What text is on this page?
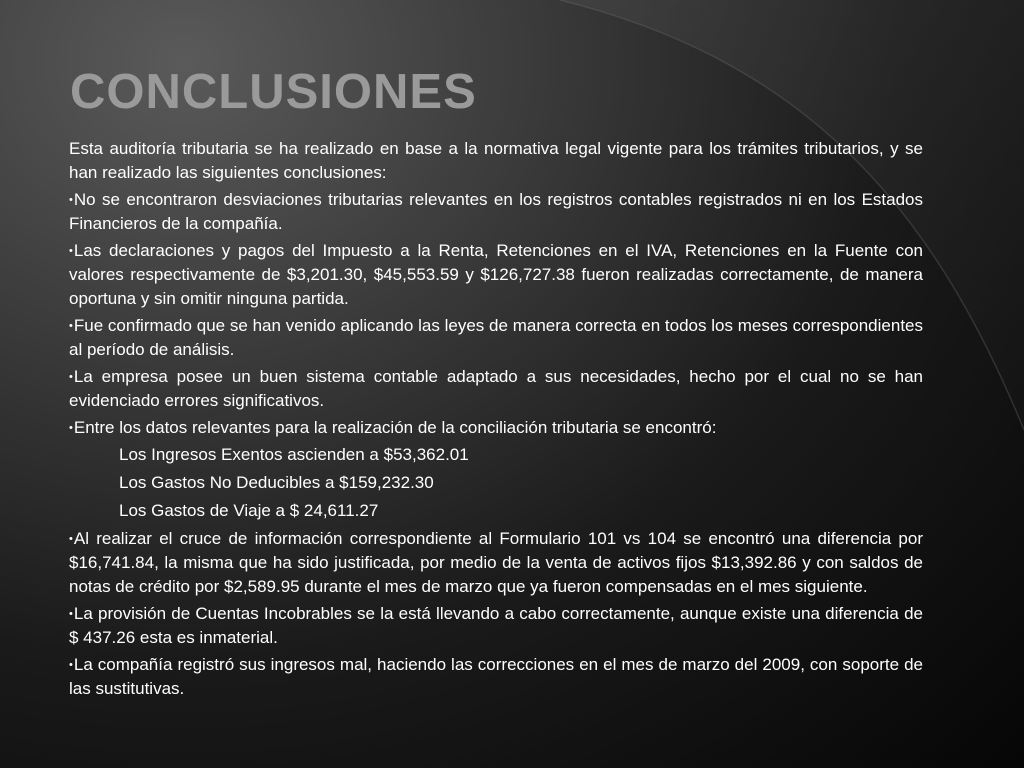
CONCLUSIONES

Esta auditoría tributaria se ha realizado en base a la normativa legal vigente para los trámites tributarios, y se han realizado las siguientes conclusiones:

• No se encontraron desviaciones tributarias relevantes en los registros contables registrados ni en los Estados Financieros de la compañía.

• Las declaraciones y pagos del Impuesto a la Renta, Retenciones en el IVA, Retenciones en la Fuente con valores respectivamente de $3,201.30, $45,553.59 y $126,727.38 fueron realizadas correctamente, de manera oportuna y sin omitir ninguna partida.

• Fue confirmado que se han venido aplicando las leyes de manera correcta en todos los meses correspondientes al período de análisis.

• La empresa posee un buen sistema contable adaptado a sus necesidades, hecho por el cual no se han evidenciado errores significativos.

• Entre los datos relevantes para la realización de la conciliación tributaria se encontró:

Los Ingresos Exentos ascienden a $53,362.01

Los Gastos No Deducibles a $159,232.30

Los Gastos de Viaje a $ 24,611.27

• Al realizar el cruce de información correspondiente al Formulario 101 vs 104 se encontró una diferencia por $16,741.84, la misma que ha sido justificada, por medio de la venta de activos fijos $13,392.86 y con saldos de notas de crédito por $2,589.95 durante el mes de marzo que ya fueron compensadas en el mes siguiente.

• La provisión de Cuentas Incobrables se la está llevando a cabo correctamente, aunque existe una diferencia de $ 437.26 esta es inmaterial.

• La compañía registró sus ingresos mal, haciendo las correcciones en el mes de marzo del 2009, con soporte de las sustitutivas.
